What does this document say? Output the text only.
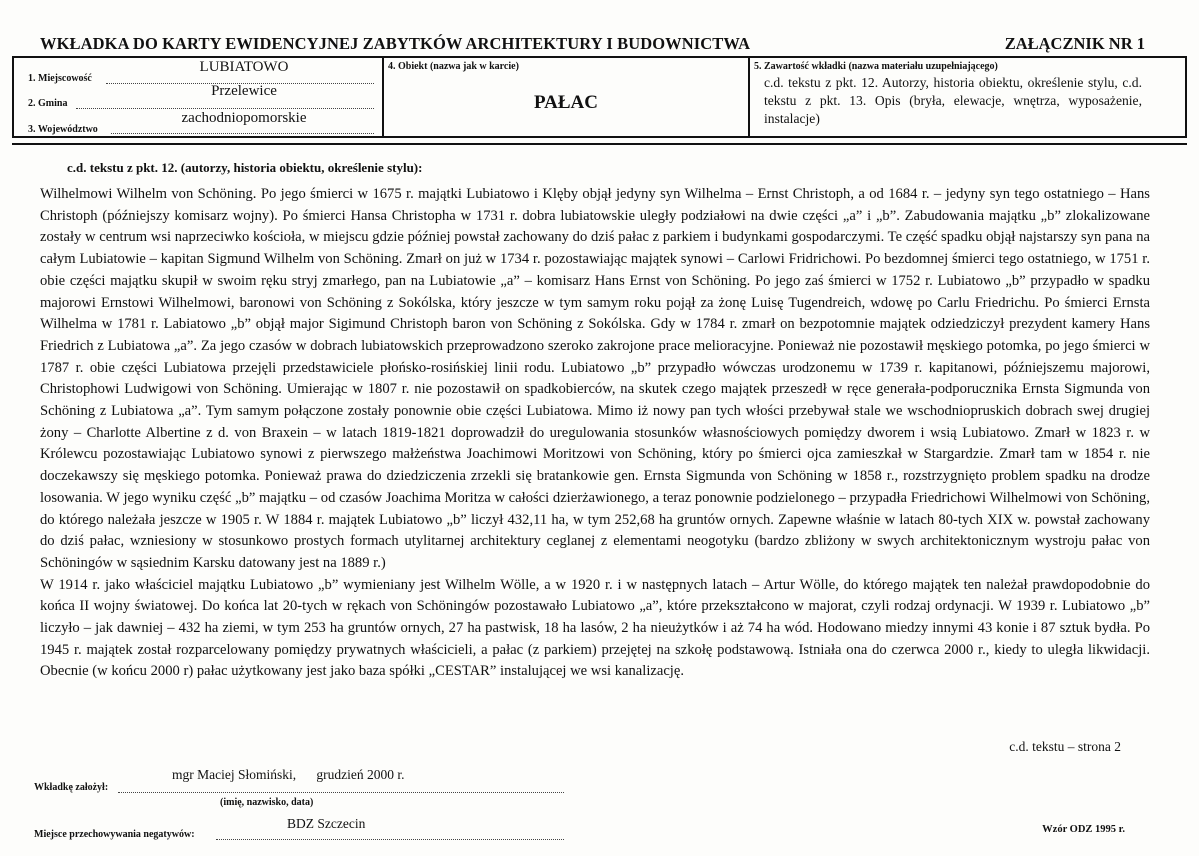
WKŁADKA DO KARTY EWIDENCYJNEJ ZABYTKÓW ARCHITEKTURY I BUDOWNICTWA	ZAŁĄCZNIK NR 1
1. Miejscowość
LUBIATOWO
2. Gmina
Przelewice
3. Województwo
zachodniopomorskie
4. Obiekt (nazwa jak w karcie)
PAŁAC
5. Zawartość wkładki (nazwa materiału uzupełniającego)
c.d. tekstu z pkt. 12. Autorzy, historia obiektu, określenie stylu, c.d. tekstu z pkt. 13. Opis (bryła, elewacje, wnętrza, wyposażenie, instalacje)
c.d. tekstu z pkt. 12. (autorzy, historia obiektu, określenie stylu):

Wilhelmowi Wilhelm von Schöning. Po jego śmierci w 1675 r. majątki Lubiatowo i Klęby objął jedyny syn Wilhelma – Ernst Christoph, a od 1684 r. – jedyny syn tego ostatniego – Hans Christoph (późniejszy komisarz wojny). Po śmierci Hansa Christopha w 1731 r. dobra lubiatowskie uległy podziałowi na dwie części „a” i „b”. Zabudowania majątku „b” zlokalizowane zostały w centrum wsi naprzeciwko kościoła, w miejscu gdzie później powstał zachowany do dziś pałac z parkiem i budynkami gospodarczymi. Te część spadku objął najstarszy syn pana na całym Lubiatowie – kapitan Sigmund Wilhelm von Schöning. Zmarł on już w 1734 r. pozostawiając majątek synowi – Carlowi Fridrichowi. Po bezdomnej śmierci tego ostatniego, w 1751 r. obie części majątku skupił w swoim ręku stryj zmarłego, pan na Lubiatowie „a” – komisarz Hans Ernst von Schöning. Po jego zaś śmierci w 1752 r. Lubiatowo „b” przypadło w spadku majorowi Ernstowi Wilhelmowi, baronowi von Schöning z Sokólska, który jeszcze w tym samym roku pojął za żonę Luisę Tugendreich, wdowę po Carlu Friedrichu. Po śmierci Ernsta Wilhelma w 1781 r. Labiatowo „b” objął major Sigimund Christoph baron von Schöning z Sokólska. Gdy w 1784 r. zmarł on bezpotomnie majątek odziedziczył prezydent kamery Hans Friedrich z Lubiatowa „a”. Za jego czasów w dobrach lubiatowskich przeprowadzono szeroko zakrojone prace melioracyjne. Ponieważ nie pozostawił męskiego potomka, po jego śmierci w 1787 r. obie części Lubiatowa przejęli przedstawiciele płońsko-rosińskiej linii rodu. Lubiatowo „b” przypadło wówczas urodzonemu w 1739 r. kapitanowi, późniejszemu majorowi, Christophowi Ludwigowi von Schöning. Umierając w 1807 r. nie pozostawił on spadkobierców, na skutek czego majątek przeszedł w ręce generała-podporucznika Ernsta Sigmunda von Schöning z Lubiatowa „a”. Tym samym połączone zostały ponownie obie części Lubiatowa. Mimo iż nowy pan tych włości przebywał stale we wschodniopruskich dobrach swej drugiej żony – Charlotte Albertine z d. von Braxein – w latach 1819-1821 doprowadził do uregulowania stosunków własnościowych pomiędzy dworem i wsią Lubiatowo. Zmarł w 1823 r. w Królewcu pozostawiając Lubiatowo synowi z pierwszego małżeństwa Joachimowi Moritzowi von Schöning, który po śmierci ojca zamieszkał w Stargardzie. Zmarł tam w 1854 r. nie doczekawszy się męskiego potomka. Ponieważ prawa do dziedziczenia zrzekli się bratankowie gen. Ernsta Sigmunda von Schöning w 1858 r., rozstrzygnięto problem spadku na drodze losowania. W jego wyniku część „b” majątku – od czasów Joachima Moritza w całości dzierżawionego, a teraz ponownie podzielonego – przypadła Friedrichowi Wilhelmowi von Schöning, do którego należała jeszcze w 1905 r. W 1884 r. majątek Lubiatowo „b” liczył 432,11 ha, w tym 252,68 ha gruntów ornych. Zapewne właśnie w latach 80-tych XIX w. powstał zachowany do dziś pałac, wzniesiony w stosunkowo prostych formach utylitarnej architektury ceglanej z elementami neogotyku (bardzo zbliżony w swych architektonicznym wystroju pałac von Schöningów w sąsiednim Karsku datowany jest na 1889 r.)

W 1914 r. jako właściciel majątku Lubiatowo „b” wymieniany jest Wilhelm Wölle, a w 1920 r. i w następnych latach – Artur Wölle, do którego majątek ten należał prawdopodobnie do końca II wojny światowej. Do końca lat 20-tych w rękach von Schöningów pozostawało Lubiatowo „a”, które przekształcono w majorat, czyli rodzaj ordynacji. W 1939 r. Lubiatowo „b” liczyło – jak dawniej – 432 ha ziemi, w tym 253 ha gruntów ornych, 27 ha pastwisk, 18 ha lasów, 2 ha nieużytków i aż 74 ha wód. Hodowano miedzy innymi 43 konie i 87 sztuk bydła. Po 1945 r. majątek został rozparcelowany pomiędzy prywatnych właścicieli, a pałac (z parkiem) przejętej na szkołę podstawową. Istniała ona do czerwca 2000 r., kiedy to uległa likwidacji. Obecnie (w końcu 2000 r) pałac użytkowany jest jako baza spółki „CESTAR” instalującej we wsi kanalizację.

c.d. tekstu – strona 2
Wkładkę założył:
mgr Maciej Słomiński,      grudzień 2000 r.
(imię, nazwisko, data)
Miejsce przechowywania negatywów:
BDZ Szczecin	Wzór ODZ 1995 r.
